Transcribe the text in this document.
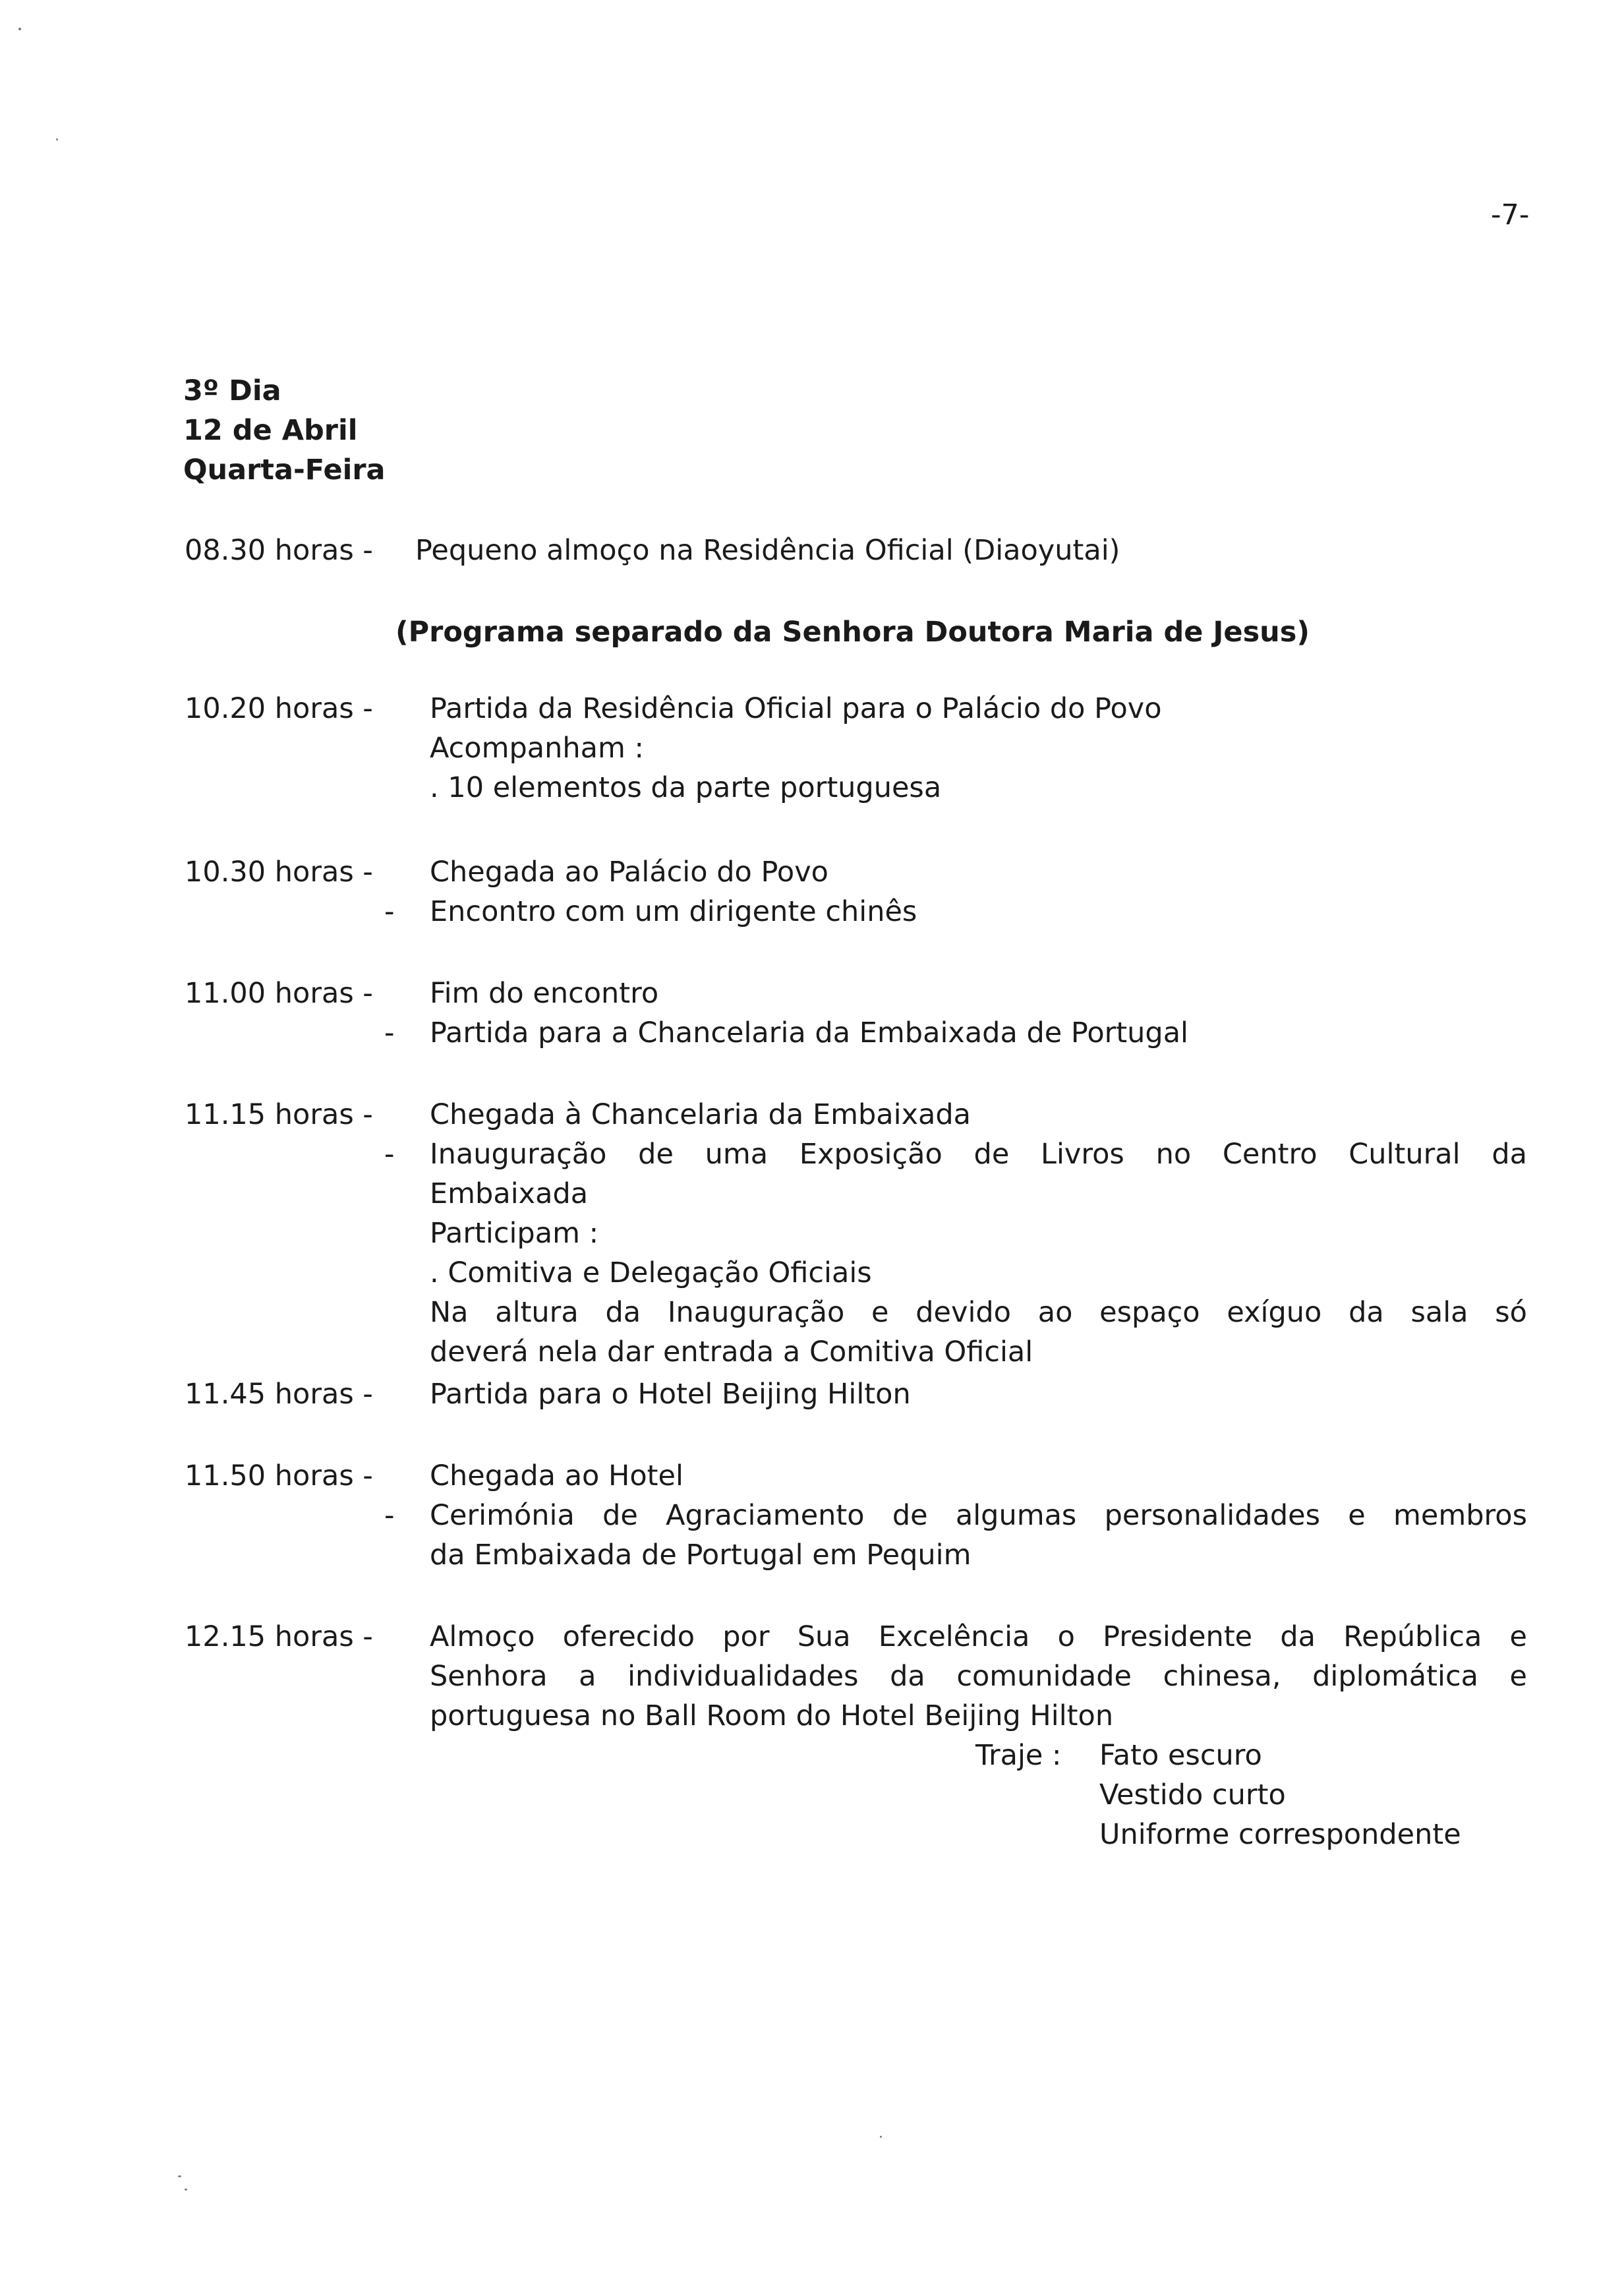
-7-
3º Dia
12 de Abril
Quarta-Feira
08.30 horas - Pequeno almoço na Residência Oficial (Diaoyutai)
(Programa separado da Senhora Doutora Maria de Jesus)
10.20 horas - Partida da Residência Oficial para o Palácio do Povo
Acompanham :
. 10 elementos da parte portuguesa
10.30 horas - Chegada ao Palácio do Povo
- Encontro com um dirigente chinês
11.00 horas - Fim do encontro
- Partida para a Chancelaria da Embaixada de Portugal
11.15 horas - Chegada à Chancelaria da Embaixada
- Inauguração de uma Exposição de Livros no Centro Cultural da
Embaixada
Participam :
. Comitiva e Delegação Oficiais
Na altura da Inauguração e devido ao espaço exíguo da sala só
deverá nela dar entrada a Comitiva Oficial
11.45 horas - Partida para o Hotel Beijing Hilton
11.50 horas - Chegada ao Hotel
- Cerimónia de Agraciamento de algumas personalidades e membros
da Embaixada de Portugal em Pequim
12.15 horas - Almoço oferecido por Sua Excelência o Presidente da República e
Senhora a individualidades da comunidade chinesa, diplomática e
portuguesa no Ball Room do Hotel Beijing Hilton
Traje : Fato escuro
Vestido curto
Uniforme correspondente
